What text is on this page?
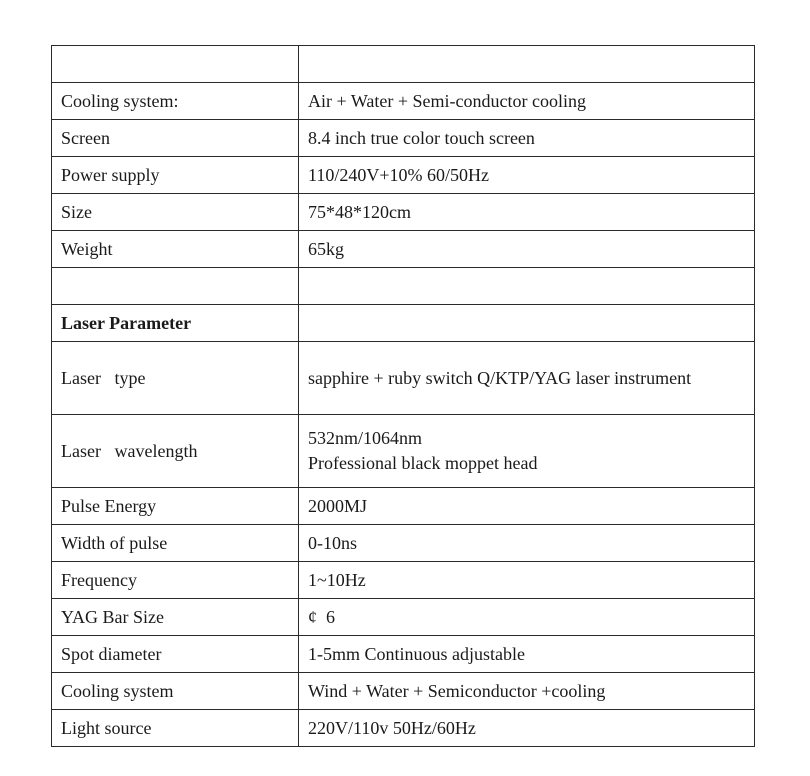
Cooling system:	Air + Water + Semi-conductor cooling
Screen	8.4 inch true color touch screen
Power supply	110/240V+10% 60/50Hz
Size	75*48*120cm
Weight	65kg

Laser Parameter	
Laser   type	sapphire + ruby switch Q/KTP/YAG laser instrument
Laser   wavelength	532nm/1064nm
Professional black moppet head

Pulse Energy	2000MJ
Width of pulse	0-10ns
Frequency	1~10Hz
YAG Bar Size	¢  6
Spot diameter	1-5mm Continuous adjustable
Cooling system	Wind + Water + Semiconductor +cooling
Light source	220V/110v 50Hz/60Hz
